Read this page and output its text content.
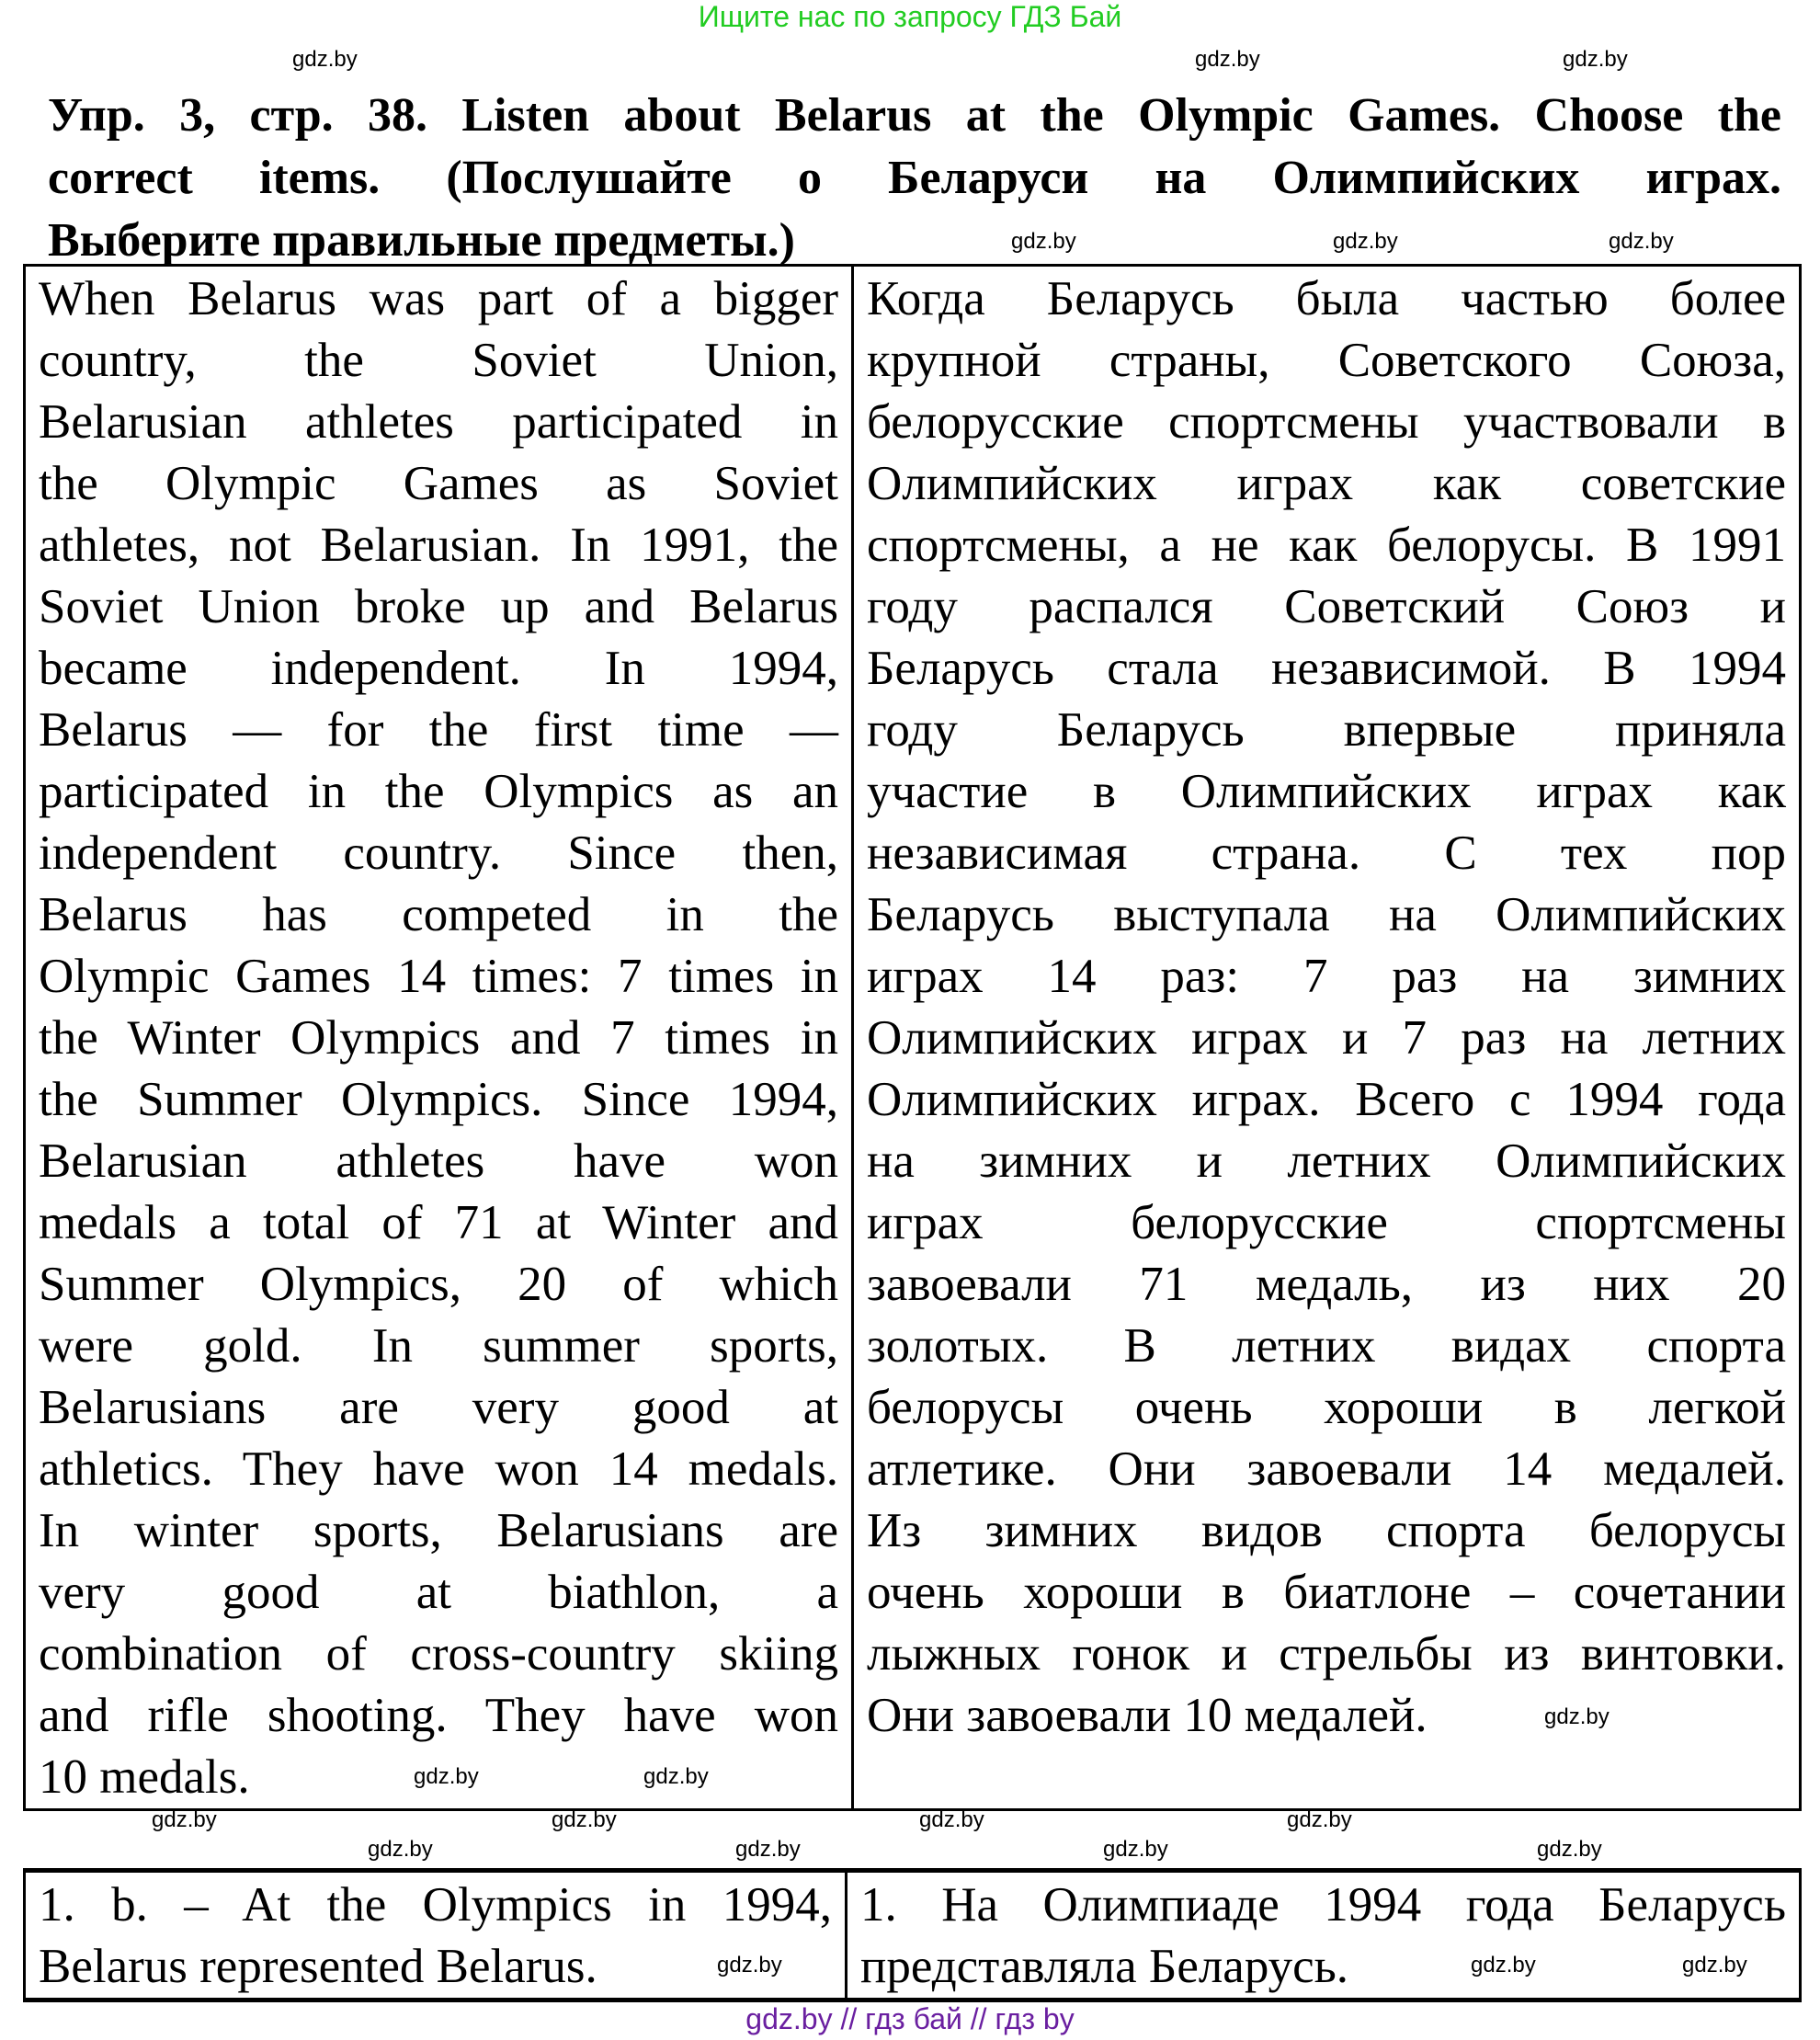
Ищите нас по запросу ГДЗ Бай
Упр. 3, стр. 38. Listen about Belarus at the Olympic Games. Choose the
correct items. (Послушайте о Беларуси на Олимпийских играх.
Выберите правильные предметы.)
When Belarus was part of a bigger
country, the Soviet Union,
Belarusian athletes participated in
the Olympic Games as Soviet
athletes, not Belarusian. In 1991, the
Soviet Union broke up and Belarus
became independent. In 1994,
Belarus — for the first time —
participated in the Olympics as an
independent country. Since then,
Belarus has competed in the
Olympic Games 14 times: 7 times in
the Winter Olympics and 7 times in
the Summer Olympics. Since 1994,
Belarusian athletes have won
medals a total of 71 at Winter and
Summer Olympics, 20 of which
were gold. In summer sports,
Belarusians are very good at
athletics. They have won 14 medals.
In winter sports, Belarusians are
very good at biathlon, a
combination of cross-country skiing
and rifle shooting. They have won
10 medals.

Когда Беларусь была частью более
крупной страны, Советского Союза,
белорусские спортсмены участвовали в
Олимпийских играх как советские
спортсмены, а не как белорусы. В 1991
году распался Советский Союз и
Беларусь стала независимой. В 1994
году Беларусь впервые приняла
участие в Олимпийских играх как
независимая страна. С тех пор
Беларусь выступала на Олимпийских
играх 14 раз: 7 раз на зимних
Олимпийских играх и 7 раз на летних
Олимпийских играх. Всего с 1994 года
на зимних и летних Олимпийских
играх белорусские спортсмены
завоевали 71 медаль, из них 20
золотых. В летних видах спорта
белорусы очень хороши в легкой
атлетике. Они завоевали 14 медалей.
Из зимних видов спорта белорусы
очень хороши в биатлоне – сочетании
лыжных гонок и стрельбы из винтовки.
Они завоевали 10 медалей.
1. b. – At the Olympics in 1994,
Belarus represented Belarus.

1. На Олимпиаде 1994 года Беларусь
представляла Беларусь.
gdz.by	gdz.by	gdz.by
gdz.by	gdz.by	gdz.by
gdz.by	gdz.by
gdz.by
gdz.by	gdz.by	gdz.by	gdz.by
gdz.by
gdz.by	gdz.by	gdz.by
gdz.by	gdz.by	gdz.by
gdz.by // гдз бай // гдз by
